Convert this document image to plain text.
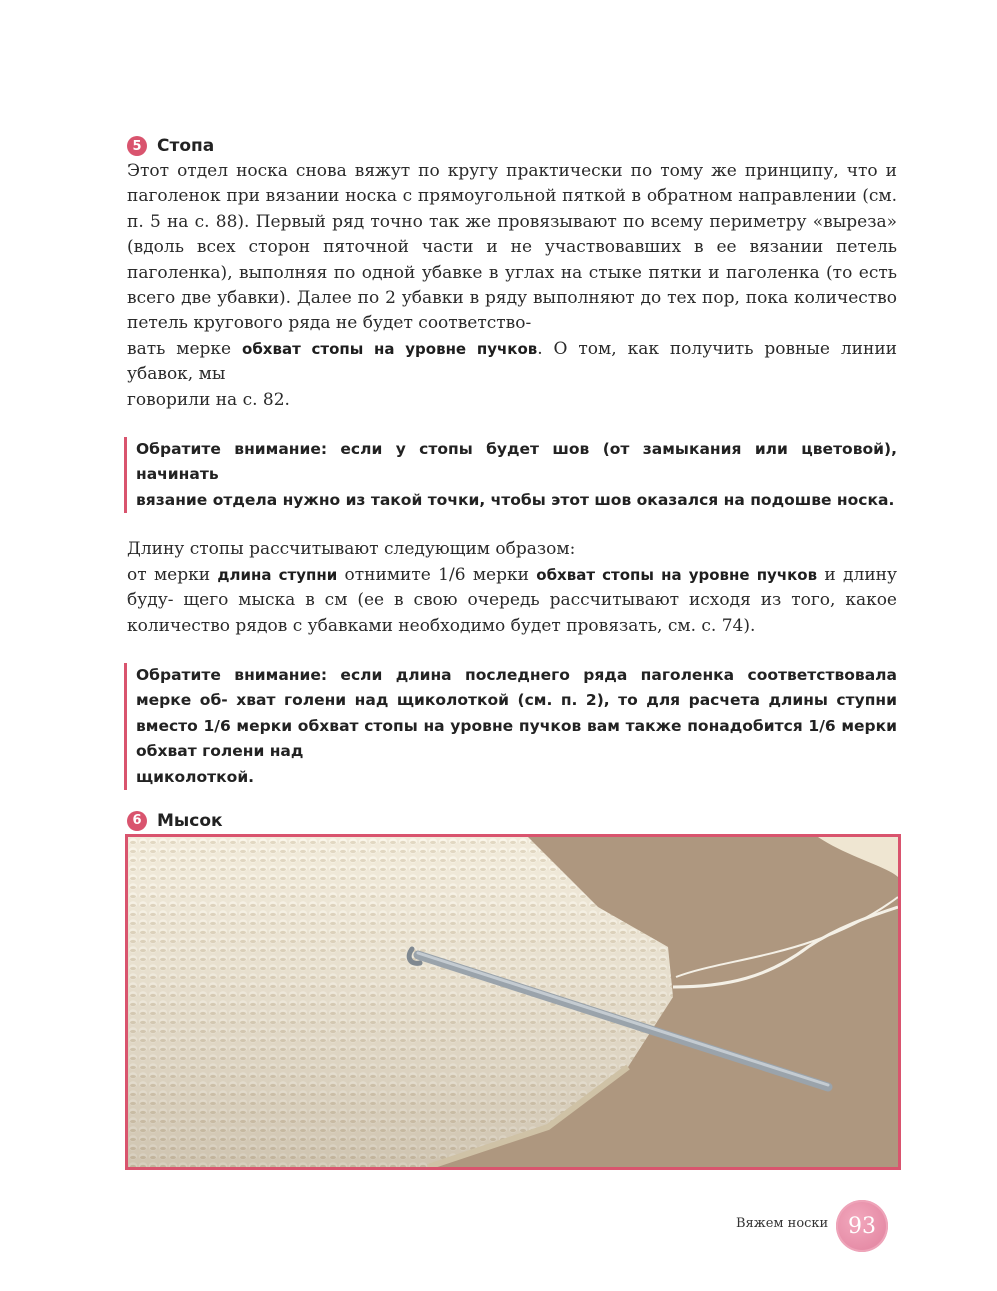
5 Стопа

Этот отдел носка снова вяжут по кругу практически по тому же принципу, что и паголенок при вязании носка с прямоугольной пяткой в обратном направлении (см. п. 5 на с. 88). Первый ряд точно так же провязывают по всему периметру «выреза» (вдоль всех сторон пяточной части и не участвовавших в ее вязании петель паголенка), выполняя по одной убавке в углах на стыке пятки и паголенка (то есть всего две убавки). Далее по 2 убавки в ряду выполняют до тех пор, пока количество петель кругового ряда не будет соответство-
вать мерке обхват стопы на уровне пучков. О том, как получить ровные линии убавок, мы
говорили на с. 82.

Обратите внимание: если у стопы будет шов (от замыкания или цветовой), начинать
вязание отдела нужно из такой точки, чтобы этот шов оказался на подошве носка.

Длину стопы рассчитывают следующим образом:
от мерки длина ступни отнимите 1/6 мерки обхват стопы на уровне пучков и длину буду- щего мыска в см (ее в свою очередь рассчитывают исходя из того, какое количество рядов с убавками необходимо будет провязать, см. с. 74).

Обратите внимание: если длина последнего ряда паголенка соответствовала мерке об- хват голени над щиколоткой (см. п. 2), то для расчета длины ступни вместо 1/6 мерки обхват стопы на уровне пучков вам также понадобится 1/6 мерки обхват голени над
щиколоткой.
6 Мысок

Вяжем носки 93
